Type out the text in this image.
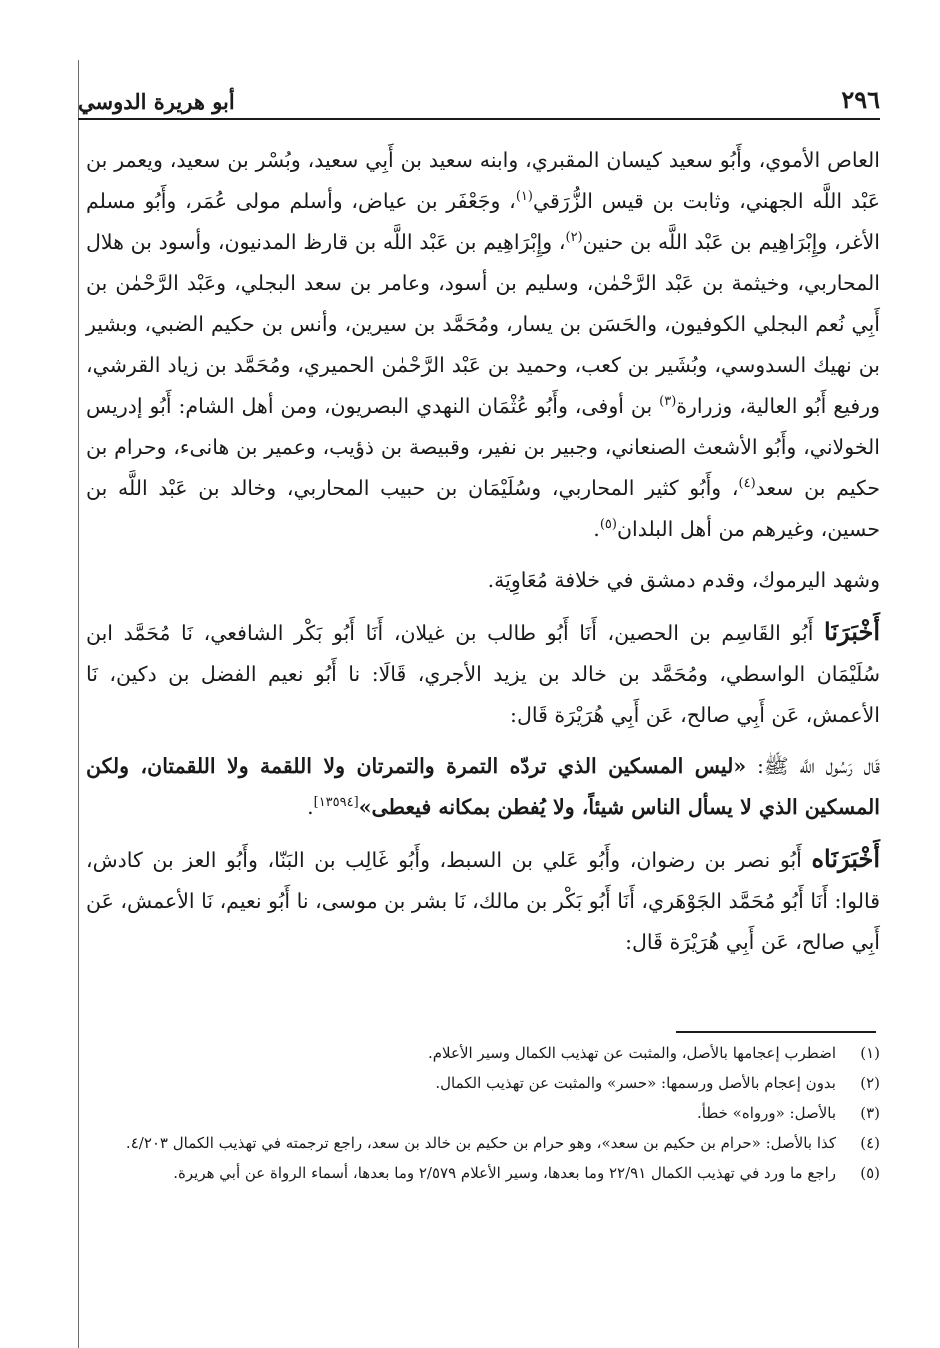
٢٩٦
أبو هريرة الدوسي

العاص الأموي، وأَبُو سعيد كيسان المقبري، وابنه سعيد بن أَبِي سعيد، وبُسْر بن سعيد، ويعمر بن عَبْد اللَّه الجهني، وثابت بن قيس الزُّرَقي$^{(١)}$، وجَعْفَر بن عياض، وأسلم مولى عُمَر، وأَبُو مسلم الأغر، وإِبْرَاهِيم بن عَبْد اللَّه بن حنين$^{(٢)}$، وإِبْرَاهِيم بن عَبْد اللَّه بن قارظ المدنيون، وأسود بن هلال المحاربي، وخيثمة بن عَبْد الرَّحْمٰن، وسليم بن أسود، وعامر بن سعد البجلي، وعَبْد الرَّحْمٰن بن أَبِي نُعم البجلي الكوفيون، والحَسَن بن يسار، ومُحَمَّد بن سيرين، وأنس بن حكيم الضبي، وبشير بن نهيك السدوسي، وبُشَير بن كعب، وحميد بن عَبْد الرَّحْمٰن الحميري، ومُحَمَّد بن زياد القرشي، ورفيع أَبُو العالية، وزرارة$^{(٣)}$ بن أوفى، وأَبُو عُثْمَان النهدي البصريون، ومن أهل الشام: أَبُو إدريس الخولاني، وأَبُو الأشعث الصنعاني، وجبير بن نفير، وقبيصة بن ذؤيب، وعمير بن هانىء، وحرام بن حكيم بن سعد$^{(٤)}$، وأَبُو كثير المحاربي، وسُلَيْمَان بن حبيب المحاربي، وخالد بن عَبْد اللَّه بن حسين، وغيرهم من أهل البلدان$^{(٥)}$.

وشهد اليرموك، وقدم دمشق في خلافة مُعَاوِيَة.

أَخْبَرَنَا أَبُو القَاسِم بن الحصين، أَنَا أَبُو طالب بن غيلان، أَنَا أَبُو بَكْر الشافعي، نَا مُحَمَّد ابن سُلَيْمَان الواسطي، ومُحَمَّد بن خالد بن يزيد الأجري، قَالَا: نا أَبُو نعيم الفضل بن دكين، نَا الأعمش، عَن أَبِي صالح، عَن أَبِي هُرَيْرَة قَال:

قَال رَسُول اللَّه ﷺ: «ليس المسكين الذي تردّه التمرة والتمرتان ولا اللقمة ولا اللقمتان، ولكن المسكين الذي لا يسأل الناس شيئاً، ولا يُفطن بمكانه فيعطى»[١٣٥٩٤].

أَخْبَرَنَاه أَبُو نصر بن رضوان، وأَبُو عَلي بن السبط، وأَبُو غَالِب بن البَنّا، وأَبُو العز بن كادش، قالوا: أَنَا أَبُو مُحَمَّد الجَوْهَري، أَنَا أَبُو بَكْر بن مالك، نَا بشر بن موسى، نا أَبُو نعيم، نَا الأعمش، عَن أَبِي صالح، عَن أَبِي هُرَيْرَة قَال:

(١)
اضطرب إعجامها بالأصل، والمثبت عن تهذيب الكمال وسير الأعلام.
(٢)
بدون إعجام بالأصل ورسمها: «حسر» والمثبت عن تهذيب الكمال.
(٣)
بالأصل: «ورواه» خطأ.
(٤)
كذا بالأصل: «حرام بن حكيم بن سعد»، وهو حرام بن حكيم بن خالد بن سعد، راجع ترجمته في تهذيب الكمال ٤/٢٠٣.
(٥)
راجع ما ورد في تهذيب الكمال ٢٢/٩١ وما بعدها، وسير الأعلام ٢/٥٧٩ وما بعدها، أسماء الرواة عن أبي هريرة.
